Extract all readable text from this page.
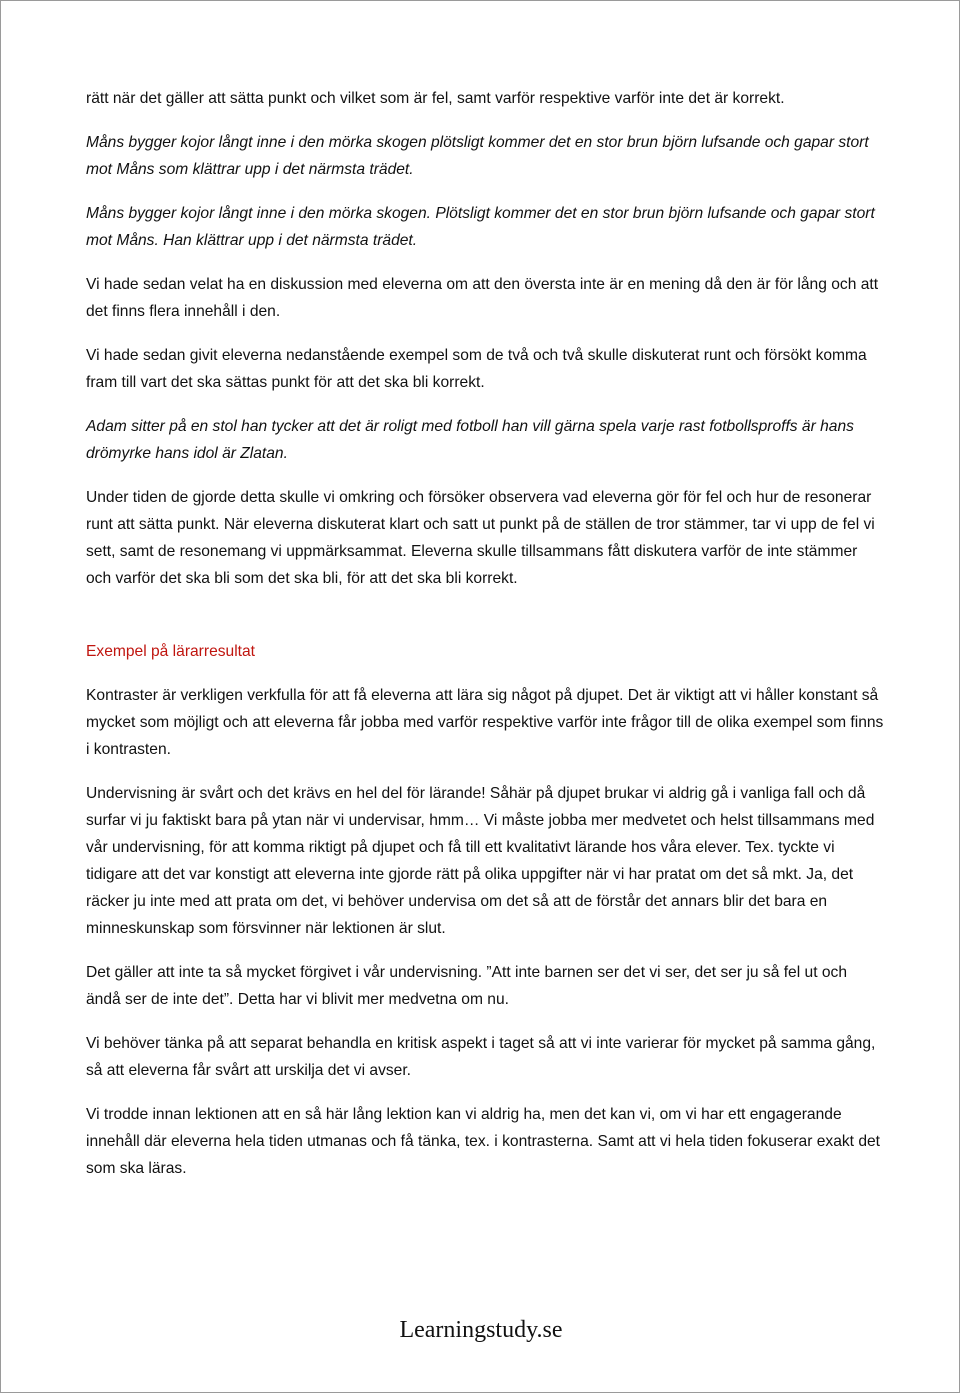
rätt när det gäller att sätta punkt och vilket som är fel, samt varför respektive varför inte det är korrekt.

Måns bygger kojor långt inne i den mörka skogen plötsligt kommer det en stor brun björn lufsande och gapar stort mot Måns som klättrar upp i det närmsta trädet.

Måns bygger kojor långt inne i den mörka skogen. Plötsligt kommer det en stor brun björn lufsande och gapar stort mot Måns. Han klättrar upp i det närmsta trädet.

Vi hade sedan velat ha en diskussion med eleverna om att den översta inte är en mening då den är för lång och att det finns flera innehåll i den.

Vi hade sedan givit eleverna nedanstående exempel som de två och två skulle diskuterat runt och försökt komma fram till vart det ska sättas punkt för att det ska bli korrekt.

Adam sitter på en stol han tycker att det är roligt med fotboll han vill gärna spela varje rast fotbollsproffs är hans drömyrke hans idol är Zlatan.

Under tiden de gjorde detta skulle vi omkring och försöker observera vad eleverna gör för fel och hur de resonerar runt att sätta punkt. När eleverna diskuterat klart och satt ut punkt på de ställen de tror stämmer, tar vi upp de fel vi sett, samt de resonemang vi uppmärksammat. Eleverna skulle tillsammans fått diskutera varför de inte stämmer och varför det ska bli som det ska bli, för att det ska bli korrekt.

Exempel på lärarresultat

Kontraster är verkligen verkfulla för att få eleverna att lära sig något på djupet. Det är viktigt att vi håller konstant så mycket som möjligt och att eleverna får jobba med varför respektive varför inte frågor till de olika exempel som finns i kontrasten.

Undervisning är svårt och det krävs en hel del för lärande! Såhär på djupet brukar vi aldrig gå i vanliga fall och då surfar vi ju faktiskt bara på ytan när vi undervisar, hmm… Vi måste jobba mer medvetet och helst tillsammans med vår undervisning, för att komma riktigt på djupet och få till ett kvalitativt lärande hos våra elever. Tex. tyckte vi tidigare att det var konstigt att eleverna inte gjorde rätt på olika uppgifter när vi har pratat om det så mkt. Ja, det räcker ju inte med att prata om det, vi behöver undervisa om det så att de förstår det annars blir det bara en minneskunskap som försvinner när lektionen är slut.

Det gäller att inte ta så mycket förgivet i vår undervisning. ”Att inte barnen ser det vi ser, det ser ju så fel ut och ändå ser de inte det”. Detta har vi blivit mer medvetna om nu.

Vi behöver tänka på att separat behandla en kritisk aspekt i taget så att vi inte varierar för mycket på samma gång, så att eleverna får svårt att urskilja det vi avser.

Vi trodde innan lektionen att en så här lång lektion kan vi aldrig ha, men det kan vi, om vi har ett engagerande innehåll där eleverna hela tiden utmanas och få tänka, tex. i kontrasterna. Samt att vi hela tiden fokuserar exakt det som ska läras.

Learningstudy.se
